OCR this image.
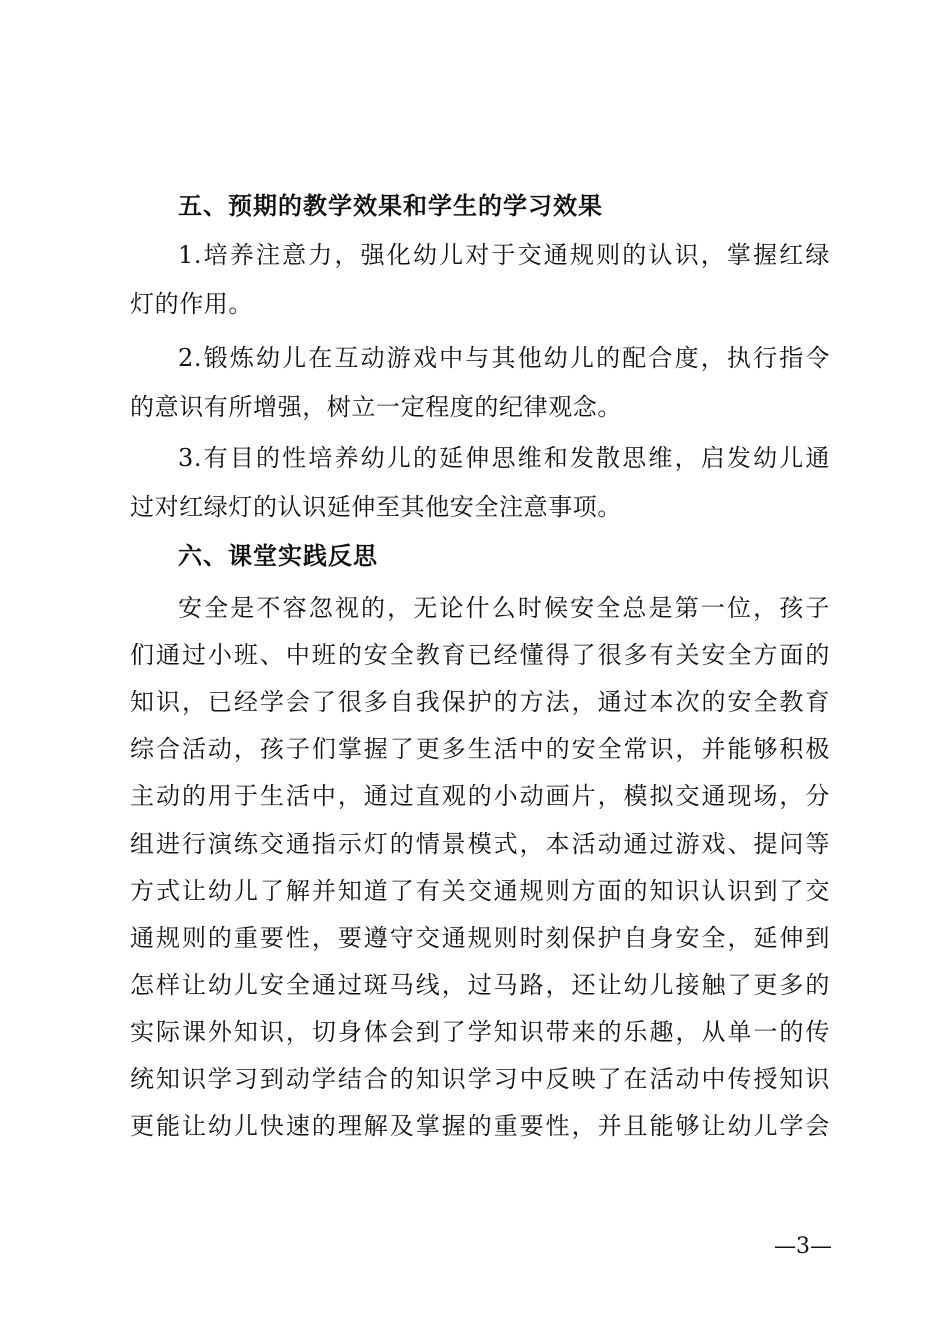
五、预期的教学效果和学生的学习效果
1.培养注意力，强化幼儿对于交通规则的认识，掌握红绿
灯的作用。
2.锻炼幼儿在互动游戏中与其他幼儿的配合度，执行指令
的意识有所增强，树立一定程度的纪律观念。
3.有目的性培养幼儿的延伸思维和发散思维，启发幼儿通
过对红绿灯的认识延伸至其他安全注意事项。
六、课堂实践反思
安全是不容忽视的，无论什么时候安全总是第一位，孩子
们通过小班、中班的安全教育已经懂得了很多有关安全方面的
知识，已经学会了很多自我保护的方法，通过本次的安全教育
综合活动，孩子们掌握了更多生活中的安全常识，并能够积极
主动的用于生活中，通过直观的小动画片，模拟交通现场，分
组进行演练交通指示灯的情景模式，本活动通过游戏、提问等
方式让幼儿了解并知道了有关交通规则方面的知识认识到了交
通规则的重要性，要遵守交通规则时刻保护自身安全，延伸到
怎样让幼儿安全通过斑马线，过马路，还让幼儿接触了更多的
实际课外知识，切身体会到了学知识带来的乐趣，从单一的传
统知识学习到动学结合的知识学习中反映了在活动中传授知识
更能让幼儿快速的理解及掌握的重要性，并且能够让幼儿学会
—3—
